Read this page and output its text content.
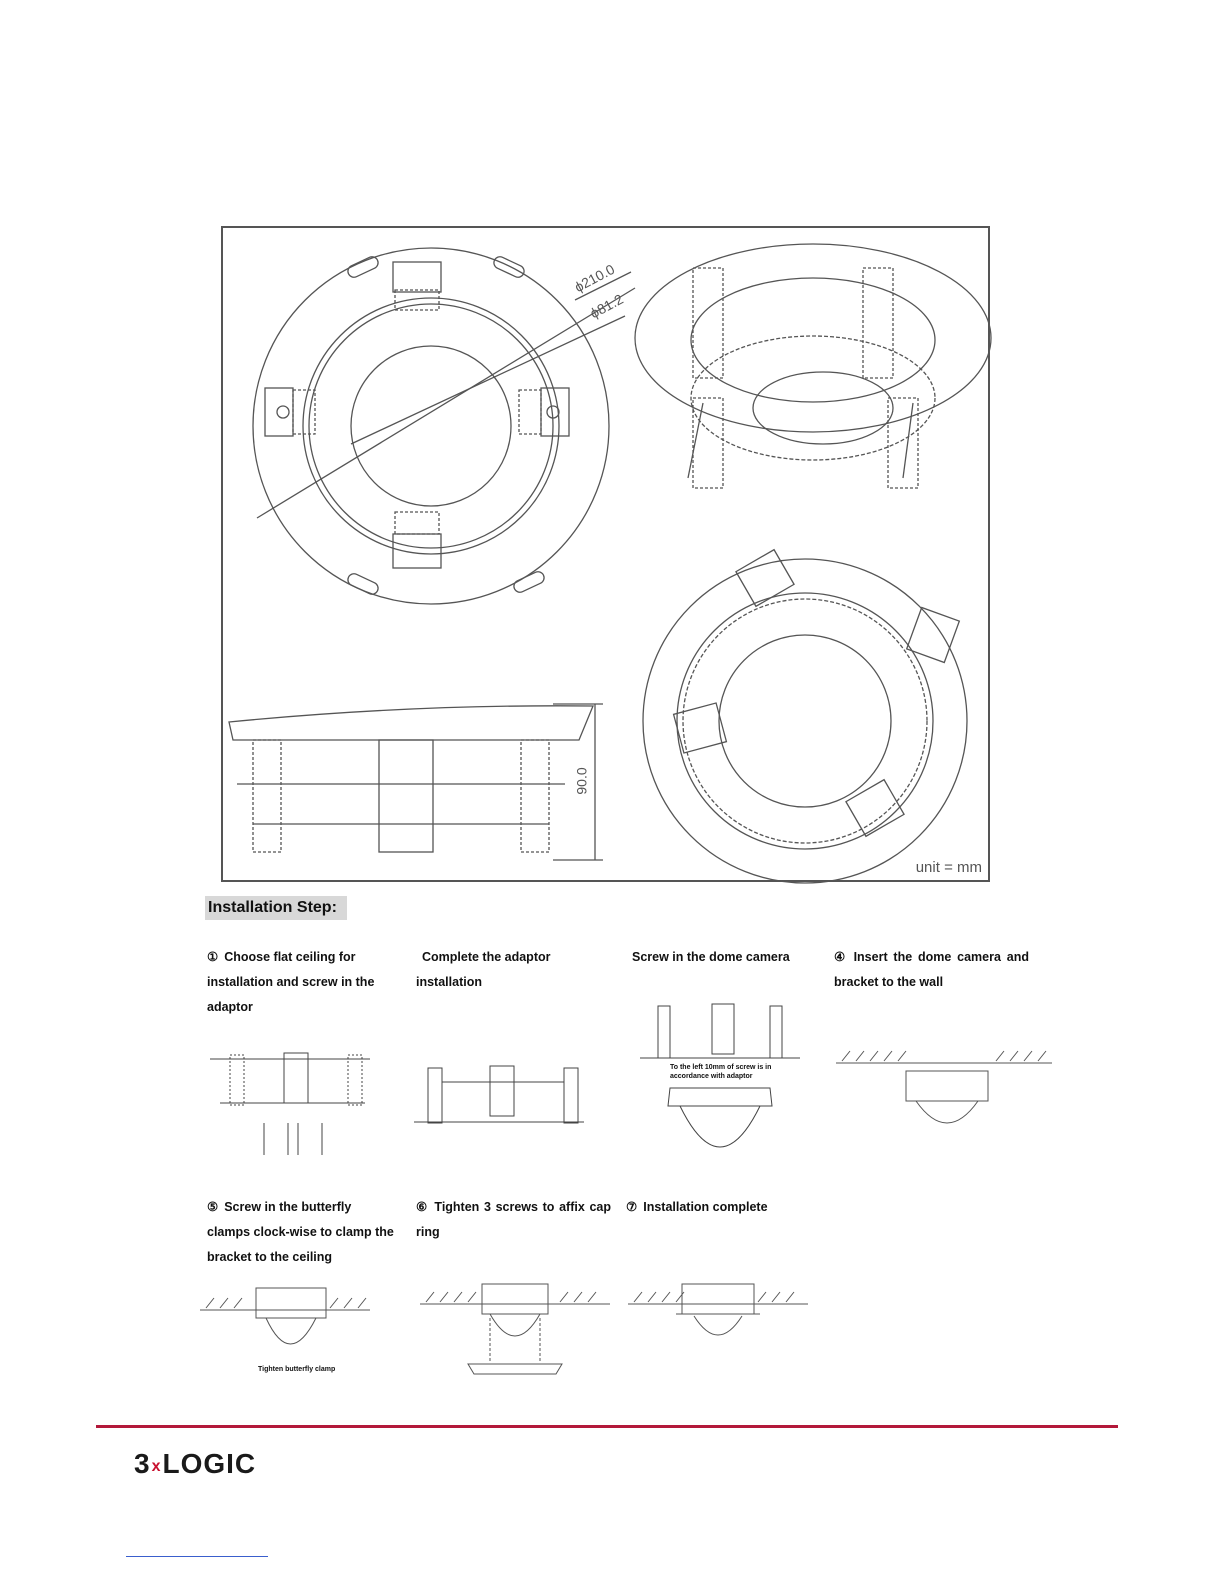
ϕ210.0
ϕ81.2
90.0
unit = mm
Installation Step:
① Choose flat ceiling for installation and screw in the adaptor
Complete the adaptor installation
Screw in the dome camera	④ Insert the dome camera and bracket to the wall
To the left 10mm of screw is in accordance with adaptor
⑤ Screw in the butterfly clamps clock-wise to clamp the bracket to the ceiling
⑥ Tighten 3 screws to affix cap ring
⑦ Installation complete
Tighten butterfly clamp
3xLOGIC
